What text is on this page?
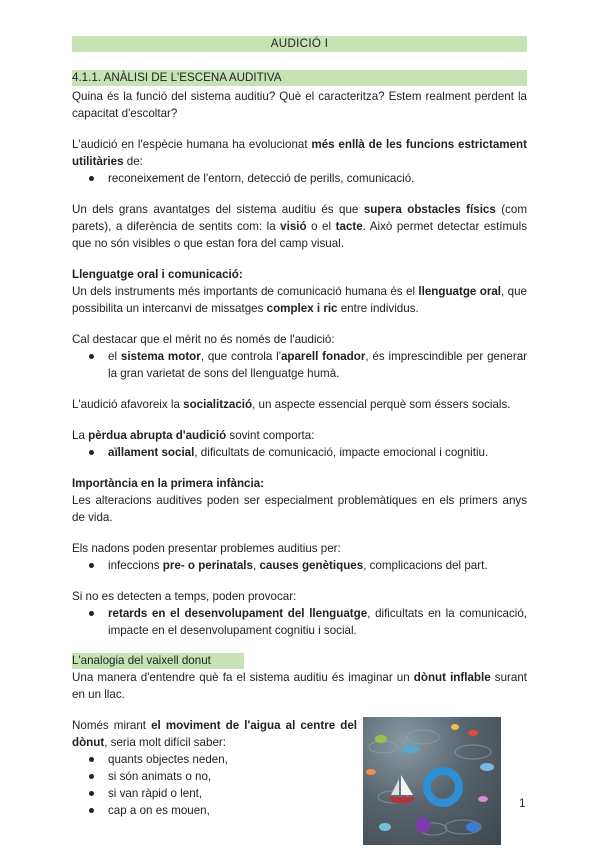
AUDICIÓ I
4.1.1. ANÀLISI DE L'ESCENA AUDITIVA

Quina és la funció del sistema auditiu? Què el caracteritza? Estem realment perdent la capacitat d'escoltar?

L'audició en l'espècie humana ha evolucionat més enllà de les funcions estrictament utilitàries de:

reconeixement de l'entorn, detecció de perills, comunicació.

Un dels grans avantatges del sistema auditiu és que supera obstacles físics (com parets), a diferència de sentits com: la visió o el tacte. Això permet detectar estímuls que no són visibles o que estan fora del camp visual.

Llenguatge oral i comunicació:

Un dels instruments més importants de comunicació humana és el llenguatge oral, que possibilita un intercanvi de missatges complex i ric entre individus.

Cal destacar que el mèrit no és només de l'audició:

el sistema motor, que controla l'aparell fonador, és imprescindible per generar la gran varietat de sons del llenguatge humà.

L'audició afavoreix la socialització, un aspecte essencial perquè som éssers socials.

La pèrdua abrupta d'audició sovint comporta:

aïllament social, dificultats de comunicació, impacte emocional i cognitiu.

Importància en la primera infància:

Les alteracions auditives poden ser especialment problemàtiques en els primers anys de vida.

Els nadons poden presentar problemes auditius per:

infeccions pre- o perinatals, causes genètiques, complicacions del part.

Si no es detecten a temps, poden provocar:

retards en el desenvolupament del llenguatge, dificultats en la comunicació, impacte en el desenvolupament cognitiu i social.
L'analogia del vaixell donut

Una manera d'entendre què fa el sistema auditiu és imaginar un dònut inflable surant en un llac.

Només mirant el moviment de l'aigua al centre del dònut, seria molt difícil saber:

quants objectes neden,
si són animats o no,
si van ràpid o lent,
cap a on es mouen,
1
